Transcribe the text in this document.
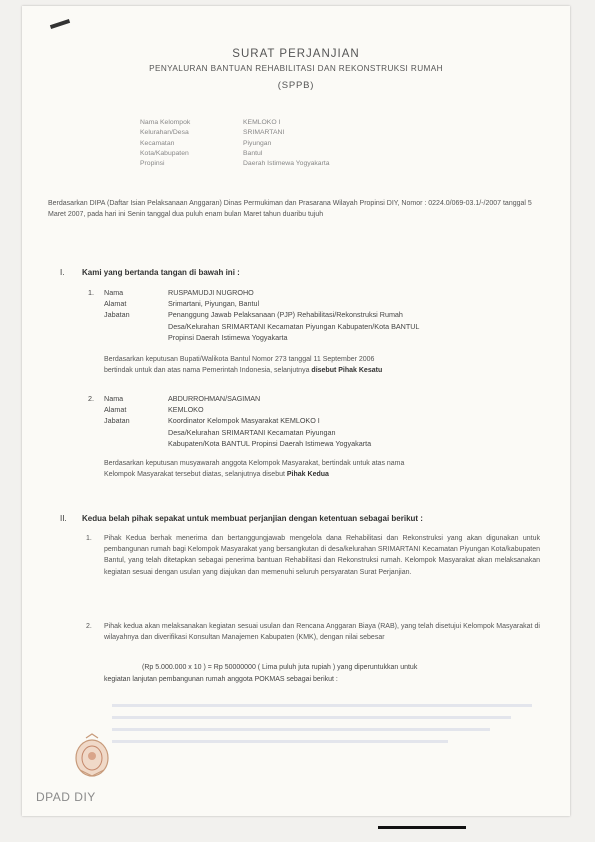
SURAT PERJANJIAN
PENYALURAN BANTUAN REHABILITASI DAN REKONSTRUKSI RUMAH
(SPPB)
Nama Kelompok	KEMLOKO I
Kelurahan/Desa	SRIMARTANI
Kecamatan	Piyungan
Kota/Kabupaten	Bantul
Propinsi	Daerah Istimewa Yogyakarta
Berdasarkan DIPA (Daftar Isian Pelaksanaan Anggaran) Dinas Permukiman dan Prasarana Wilayah Propinsi DIY, Nomor : 0224.0/069-03.1/-/2007 tanggal 5 Maret 2007, pada hari ini Senin tanggal dua puluh enam bulan Maret tahun duaribu tujuh
I. Kami yang bertanda tangan di bawah ini :
1.	Nama	RUSPAMUDJI NUGROHO
Alamat	Srimartani, Piyungan, Bantul
Jabatan	Penanggung Jawab Pelaksanaan (PJP) Rehabilitasi/Rekonstruksi Rumah
Desa/Kelurahan SRIMARTANI Kecamatan Piyungan Kabupaten/Kota BANTUL
Propinsi Daerah Istimewa Yogyakarta
Berdasarkan keputusan Bupati/Walikota Bantul Nomor 273 tanggal 11 September 2006
bertindak untuk dan atas nama Pemerintah Indonesia, selanjutnya disebut Pihak Kesatu
2.	Nama	ABDURROHMAN/SAGIMAN
Alamat	KEMLOKO
Jabatan	Koordinator Kelompok Masyarakat KEMLOKO I
Desa/Kelurahan SRIMARTANI Kecamatan Piyungan
Kabupaten/Kota BANTUL Propinsi Daerah Istimewa Yogyakarta
Berdasarkan keputusan musyawarah anggota Kelompok Masyarakat, bertindak untuk atas nama
Kelompok Masyarakat tersebut diatas, selanjutnya disebut Pihak Kedua
II. Kedua belah pihak sepakat untuk membuat perjanjian dengan ketentuan sebagai berikut :
1. Pihak Kedua berhak menerima dan bertanggungjawab mengelola dana Rehabilitasi dan Rekonstruksi yang akan digunakan untuk pembangunan rumah bagi Kelompok Masyarakat yang bersangkutan di desa/kelurahan SRIMARTANI Kecamatan Piyungan Kota/kabupaten Bantul, yang telah ditetapkan sebagai penerima bantuan Rehabilitasi dan Rekonstruksi rumah. Kelompok Masyarakat akan melaksanakan kegiatan sesuai dengan usulan yang diajukan dan memenuhi seluruh persyaratan Surat Perjanjian.
2. Pihak kedua akan melaksanakan kegiatan sesuai usulan dan Rencana Anggaran Biaya (RAB), yang telah disetujui Kelompok Masyarakat di wilayahnya dan diverifikasi Konsultan Manajemen Kabupaten (KMK), dengan nilai sebesar
(Rp 5.000.000 x 10 ) = Rp 50000000 ( Lima puluh juta rupiah ) yang diperuntukkan untuk
kegiatan lanjutan pembangunan rumah anggota POKMAS sebagai berikut :
DPAD DIY
